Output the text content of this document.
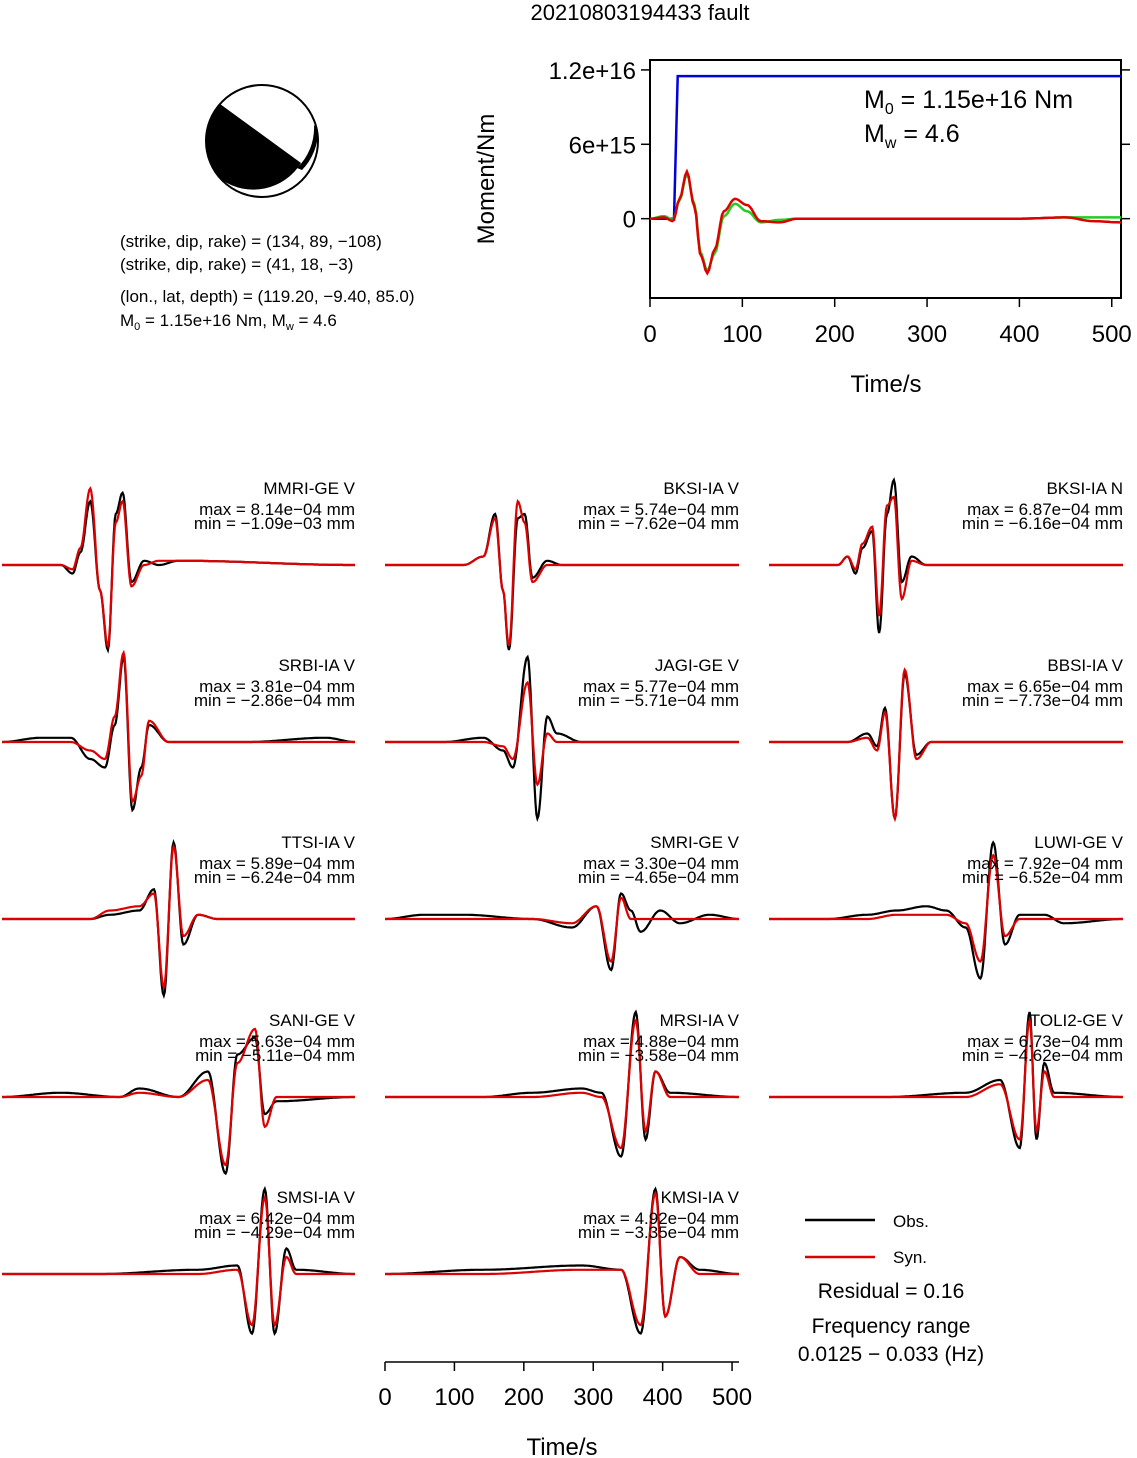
20210803194433 fault
(strike, dip, rake) = (134, 89, −108)
(strike, dip, rake) = (41, 18, −3)
(lon., lat, depth) = (119.20, −9.40, 85.0)
$M_0 = 1.15e+16$ Nm, $M_w = 4.6$
Moment/Nm
Time/s
0	100 200 300 400 500
0
6e+15
1.2e+16
$M_0 = 1.15e+16$ Nm
$M_w = 4.6$
MMRI-GE V
max = 8.14e−04 mm
min = −1.09e−03 mm
BKSI-IA V
max = 5.74e−04 mm
min = −7.62e−04 mm
BKSI-IA N
max = 6.87e−04 mm
min = −6.16e−04 mm
SRBI-IA V
max = 3.81e−04 mm
min = −2.86e−04 mm
JAGI-GE V
max = 5.77e−04 mm
min = −5.71e−04 mm
BBSI-IA V
max = 6.65e−04 mm
min = −7.73e−04 mm
TTSI-IA V
max = 5.89e−04 mm
min = −6.24e−04 mm
SMRI-GE V
max = 3.30e−04 mm
min = −4.65e−04 mm
LUWI-GE V
max = 7.92e−04 mm
min = −6.52e−04 mm
SANI-GE V
max = 5.63e−04 mm
min = −5.11e−04 mm
MRSI-IA V
max = 4.88e−04 mm
min = −3.58e−04 mm
TOLI2-GE V
max = 6.73e−04 mm
min = −4.62e−04 mm
SMSI-IA V
max = 6.42e−04 mm
min = −4.29e−04 mm
KMSI-IA V
max = 4.92e−04 mm
min = −3.35e−04 mm
Time/s
0 100 200 300 400 500
Obs.
Syn.
Residual = 0.16
Frequency range
0.0125 − 0.033 (Hz)
